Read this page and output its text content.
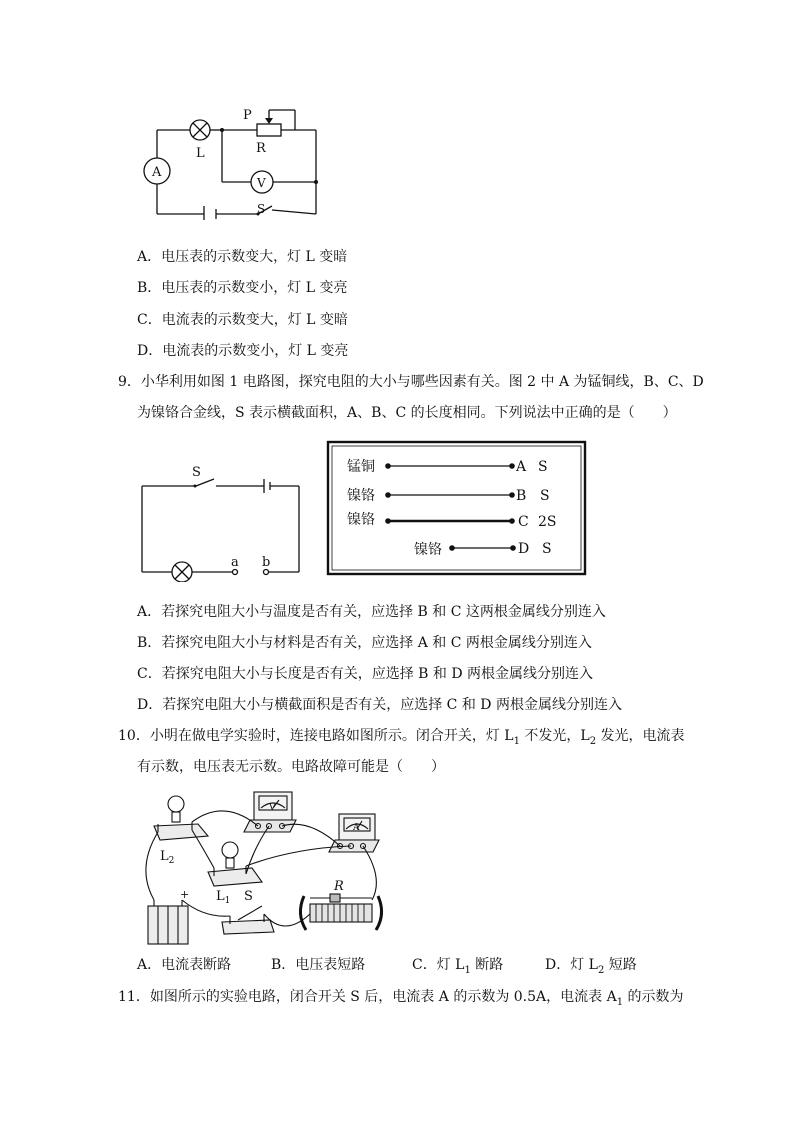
P
L	R
A
V
S
A．电压表的示数变大，灯 L 变暗
B．电压表的示数变小，灯 L 变亮
C．电流表的示数变大，灯 L 变暗
D．电流表的示数变小，灯 L 变亮
9．小华利用如图 1 电路图，探究电阻的大小与哪些因素有关。图 2 中 A 为锰铜线，B、C、D
为镍铬合金线，S 表示横截面积，A、B、C 的长度相同。下列说法中正确的是（　　）
S
a b
锰铜	A S
镍铬	B S
镍铬	C 2S
镍铬	D S
A．若探究电阻大小与温度是否有关，应选择 B 和 C 这两根金属线分别连入
B．若探究电阻大小与材料是否有关，应选择 A 和 C 两根金属线分别连入
C．若探究电阻大小与长度是否有关，应选择 B 和 D 两根金属线分别连入
D．若探究电阻大小与横截面积是否有关，应选择 C 和 D 两根金属线分别连入
10．小明在做电学实验时，连接电路如图所示。闭合开关，灯 $L_1$ 不发光，$L_2$ 发光，电流表
有示数，电压表无示数。电路故障可能是（　　）
V
A
$L_2$
$L_1$ S
R
+
A．电流表断路	B．电压表短路	C．灯 $L_1$ 断路	D．灯 $L_2$ 短路
11．如图所示的实验电路，闭合开关 S 后，电流表 A 的示数为 0.5A，电流表 $A_1$ 的示数为
